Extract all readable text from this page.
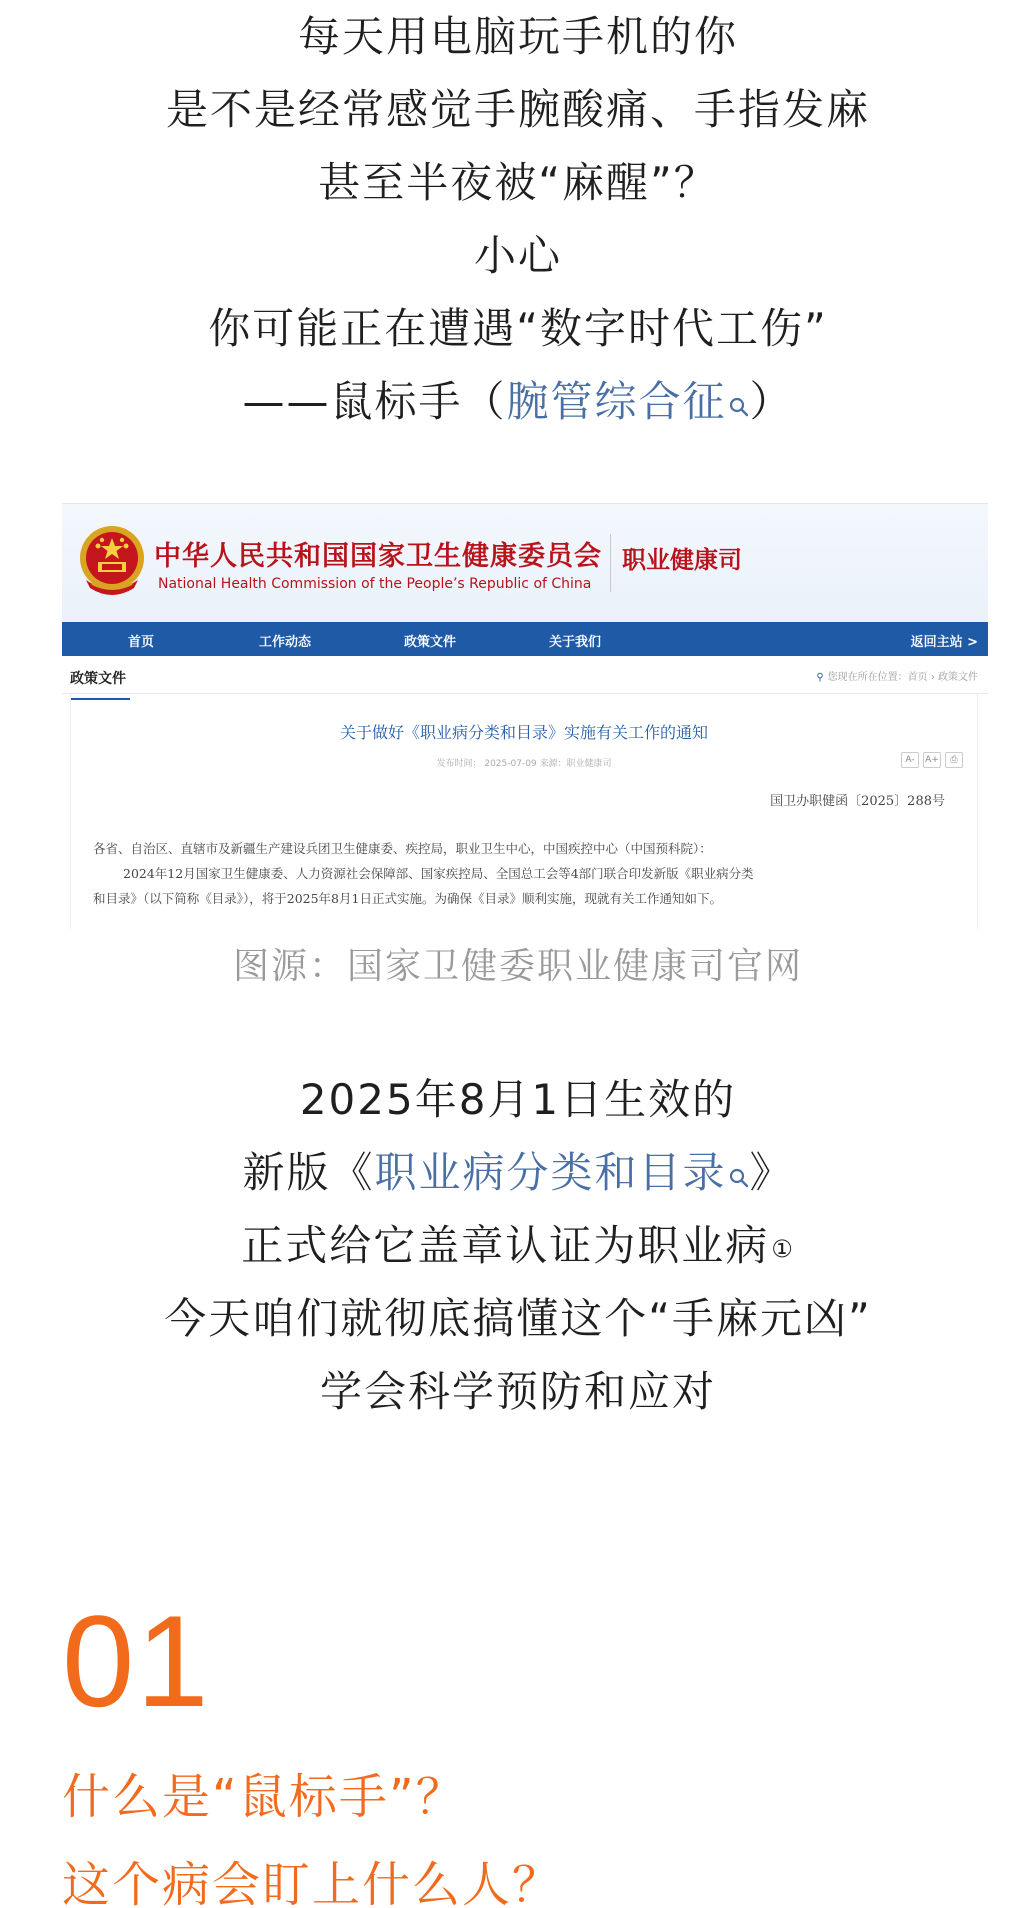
每天用电脑玩手机的你
是不是经常感觉手腕酸痛、手指发麻
甚至半夜被“麻醒”？
小心
你可能正在遭遇“数字时代工伤”
——鼠标手（腕管综合征 ）
中华人民共和国国家卫生健康委员会
National Health Commission of the People’s Republic of China
职业健康司
首页	工作动态	政策文件	关于我们	返回主站 >
政策文件	⚲ 您现在所在位置：首页 › 政策文件
关于做好《职业病分类和目录》实施有关工作的通知
发布时间： 2025-07-09 来源：职业健康司	A-	A+	⎙
国卫办职健函〔2025〕288号

各省、自治区、直辖市及新疆生产建设兵团卫生健康委、疾控局，职业卫生中心，中国疾控中心（中国预科院）：

2024年12月国家卫生健康委、人力资源社会保障部、国家疾控局、全国总工会等4部门联合印发新版《职业病分类

和目录》（以下简称《目录》），将于2025年8月1日正式实施。为确保《目录》顺利实施，现就有关工作通知如下。

图源：国家卫健委职业健康司官网
2025年8月1日生效的
新版《职业病分类和目录 》
正式给它盖章认证为职业病①
今天咱们就彻底搞懂这个“手麻元凶”
学会科学预防和应对
01
什么是“鼠标手”？
这个病会盯上什么人？
